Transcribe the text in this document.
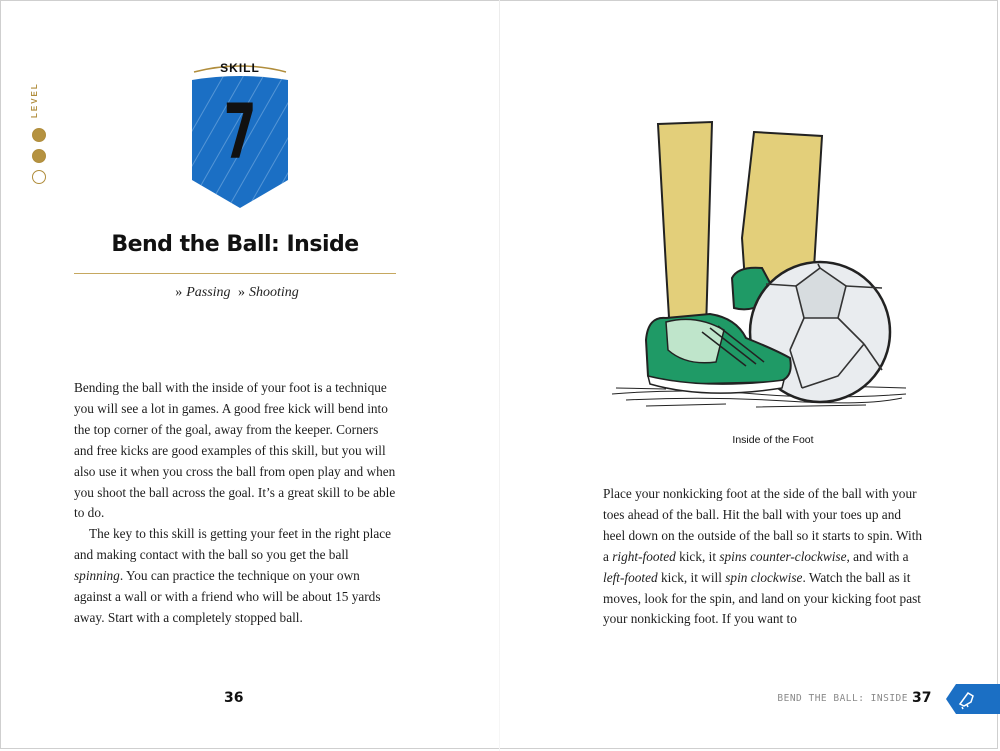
LEVEL
SKILL
7
Bend the Ball: Inside
» Passing » Shooting

Bending the ball with the inside of your foot is a technique you will see a lot in games. A good free kick will bend into the top corner of the goal, away from the keeper. Corners and free kicks are good examples of this skill, but you will also use it when you cross the ball from open play and when you shoot the ball across the goal. It’s a great skill to be able to do.

The key to this skill is getting your feet in the right place and making contact with the ball so you get the ball spinning. You can practice the technique on your own against a wall or with a friend who will be about 15 yards away. Start with a completely stopped ball.

36
Inside of the Foot

Place your nonkicking foot at the side of the ball with your toes ahead of the ball. Hit the ball with your toes up and heel down on the outside of the ball so it starts to spin. With a right-footed kick, it spins counter-clockwise, and with a left-footed kick, it will spin clockwise. Watch the ball as it moves, look for the spin, and land on your kicking foot past your nonkicking foot. If you want to

BEND THE BALL: INSIDE 37
